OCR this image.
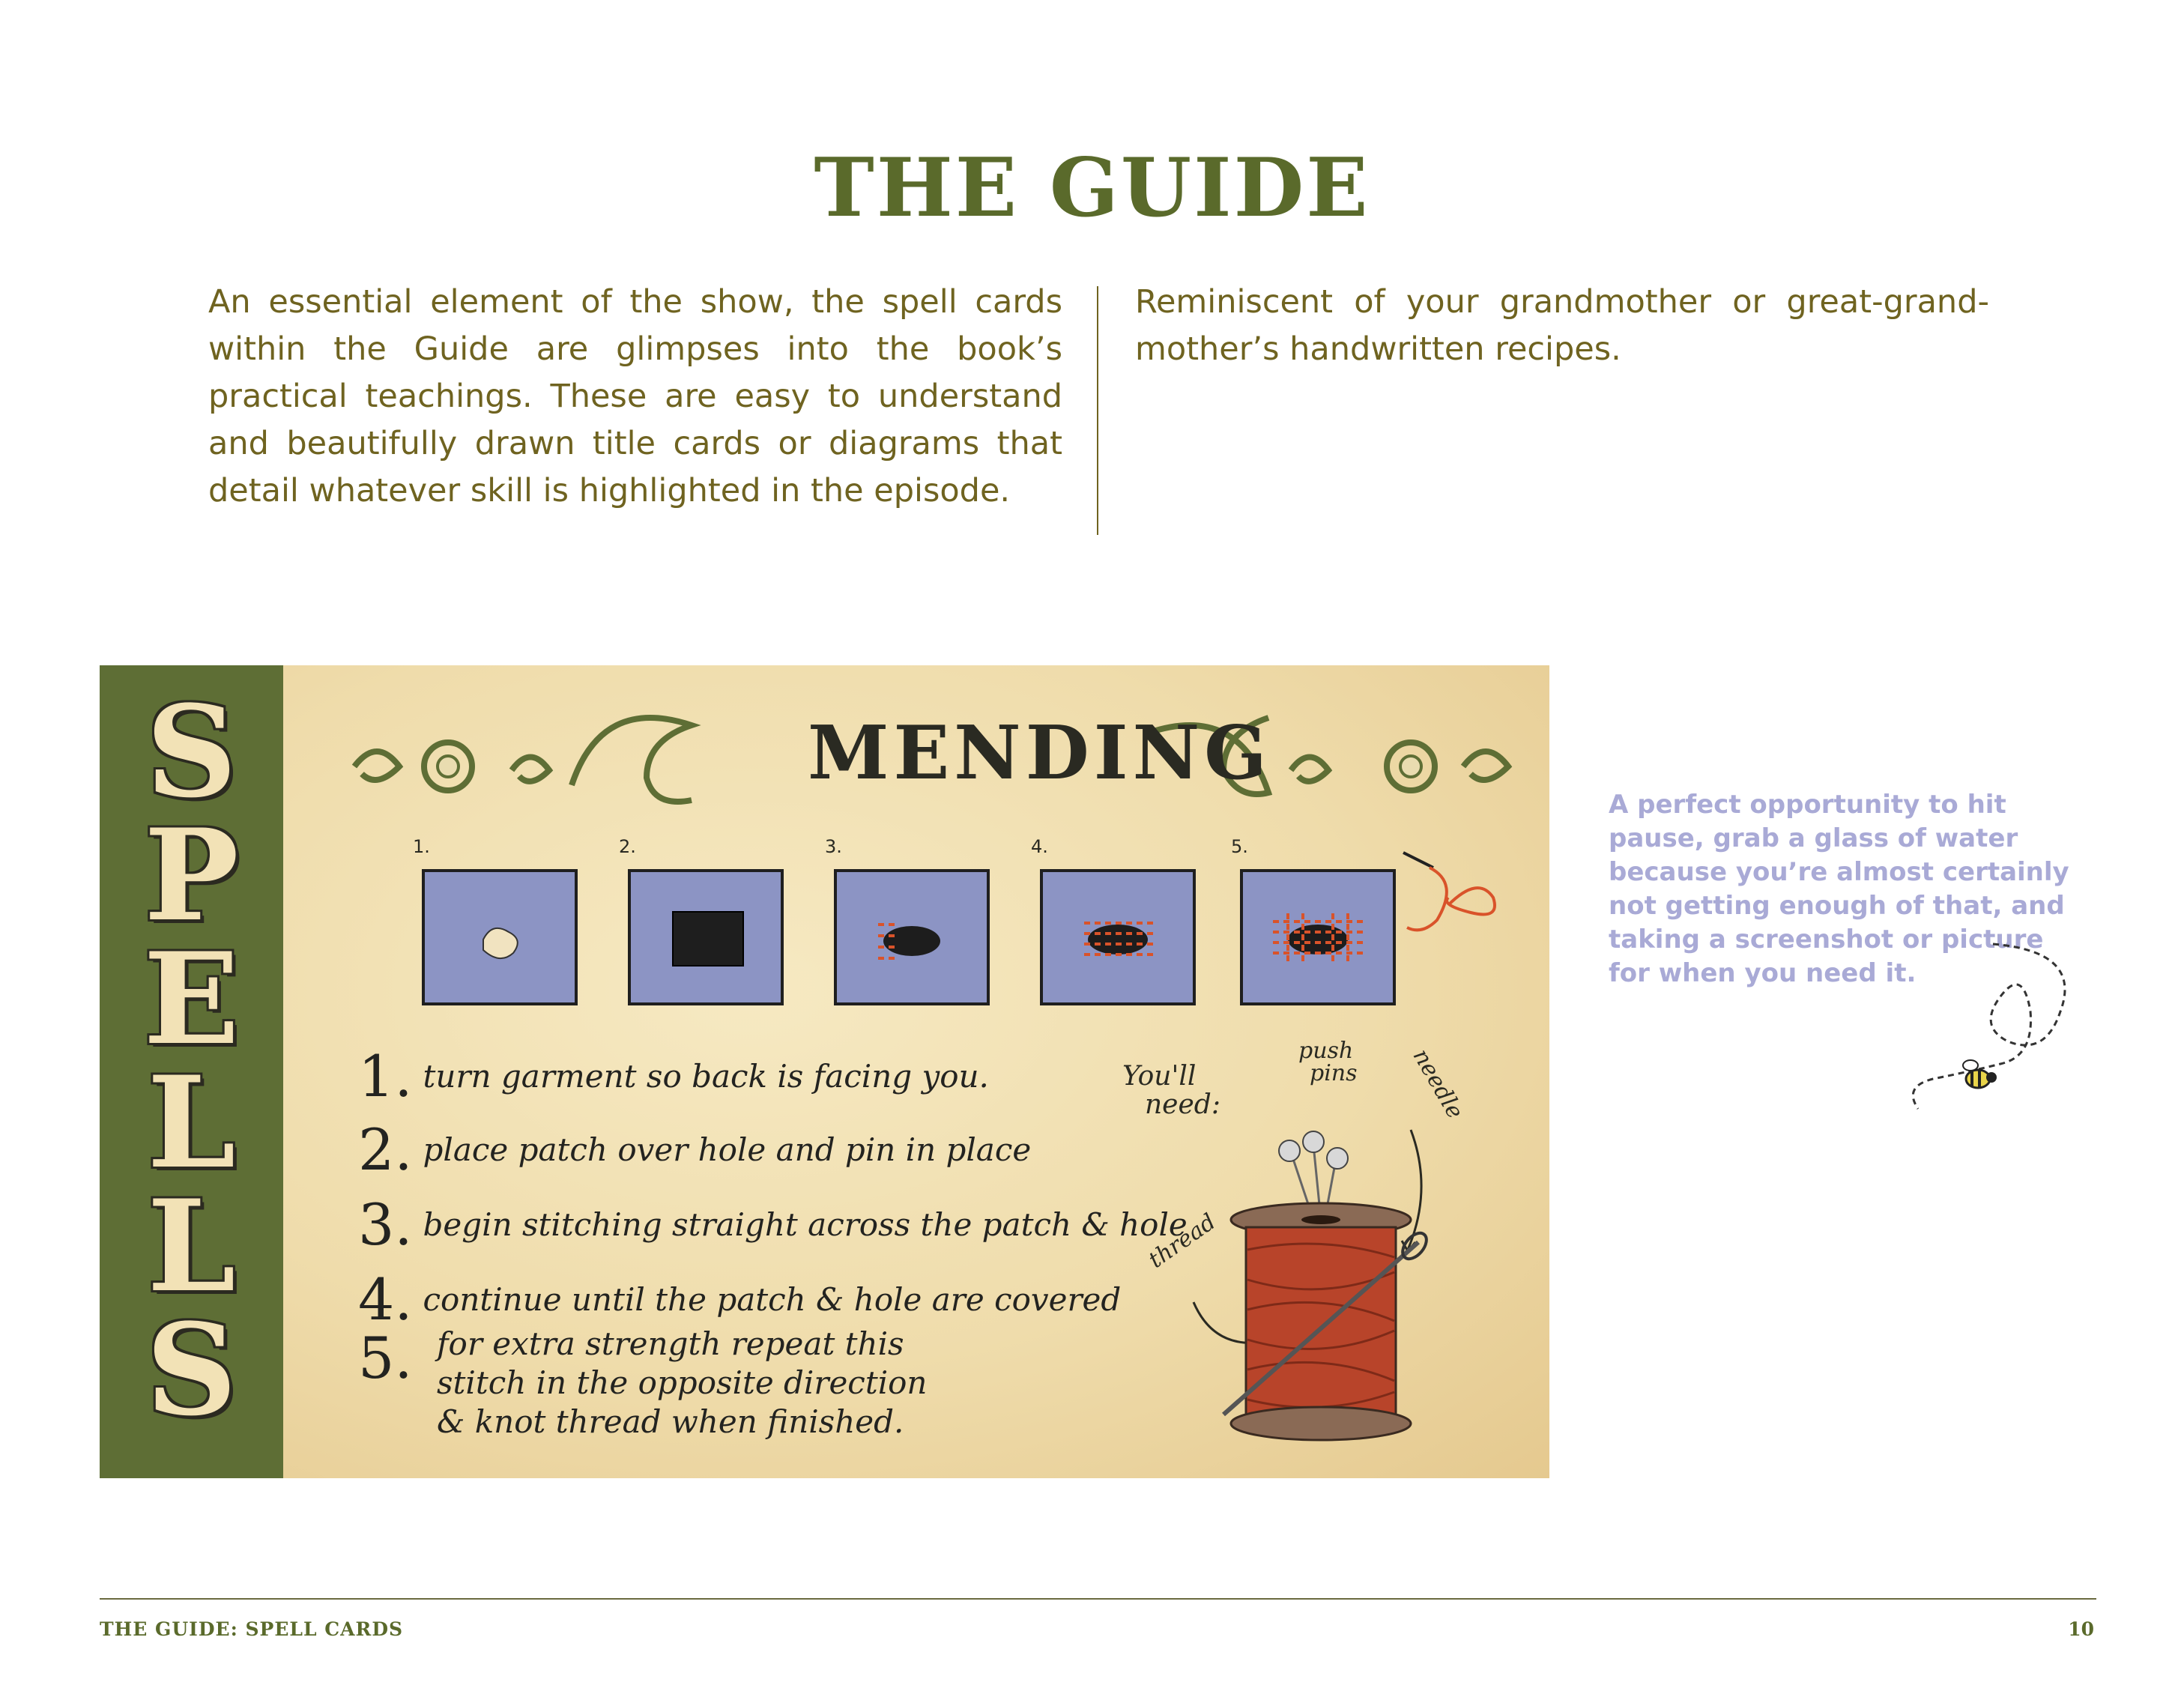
THE GUIDE

An essential element of the show, the spell cards within the Guide are glimpses into the book’s practical teachings. These are easy to understand and beautifully drawn title cards or diagrams that detail whatever skill is highlighted in the episode.

Reminiscent of your grandmother or great-grand-mother’s handwritten recipes.

S
P
E
L
L
S
MENDING
1.	2.	3.	4.	5.
1. turn garment so back is facing you.
2. place patch over hole and pin in place
3. begin stitching straight across the patch & hole
4. continue until the patch & hole are covered
5. for extra strength repeat this
stitch in the opposite direction
& knot thread when finished.
You'll
need:
push
pins needle
thread

A perfect opportunity to hit pause, grab a glass of water because you’re almost certainly not getting enough of that, and taking a screenshot or picture for when you need it.

THE GUIDE: SPELL CARDS	10
